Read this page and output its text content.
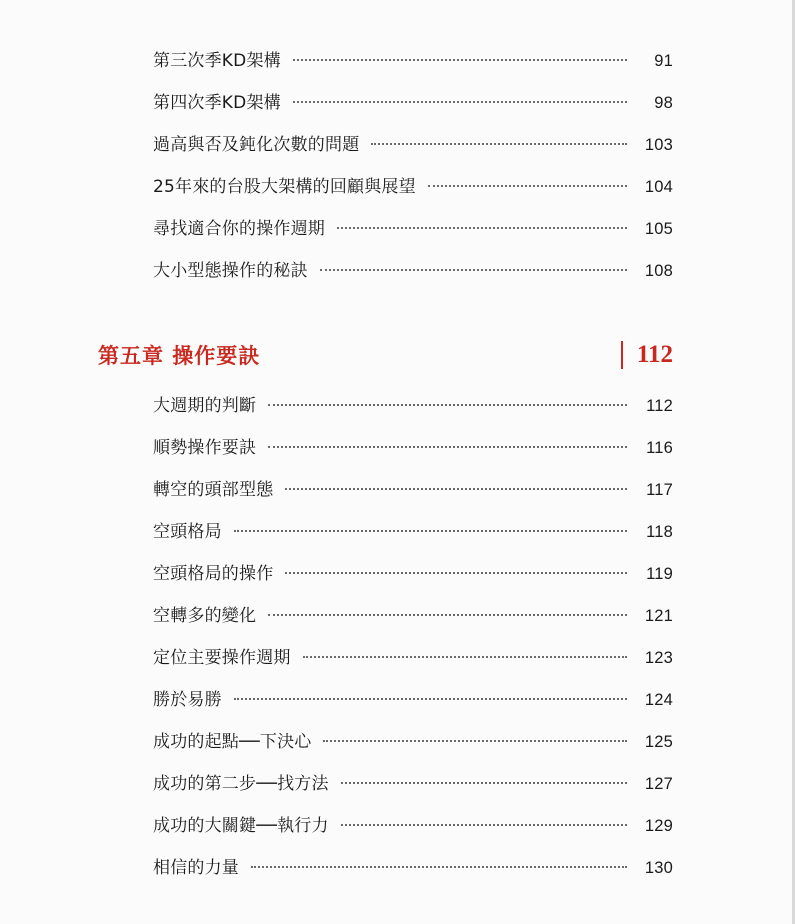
第三次季KD架構	91
第四次季KD架構	98
過高與否及鈍化次數的問題	103
25年來的台股大架構的回顧與展望	104
尋找適合你的操作週期	105
大小型態操作的秘訣	108
第五章 操作要訣	112
大週期的判斷	112
順勢操作要訣	116
轉空的頭部型態	117
空頭格局	118
空頭格局的操作	119
空轉多的變化	121
定位主要操作週期	123
勝於易勝	124
成功的起點──下決心	125
成功的第二步──找方法	127
成功的大關鍵──執行力	129
相信的力量	130
